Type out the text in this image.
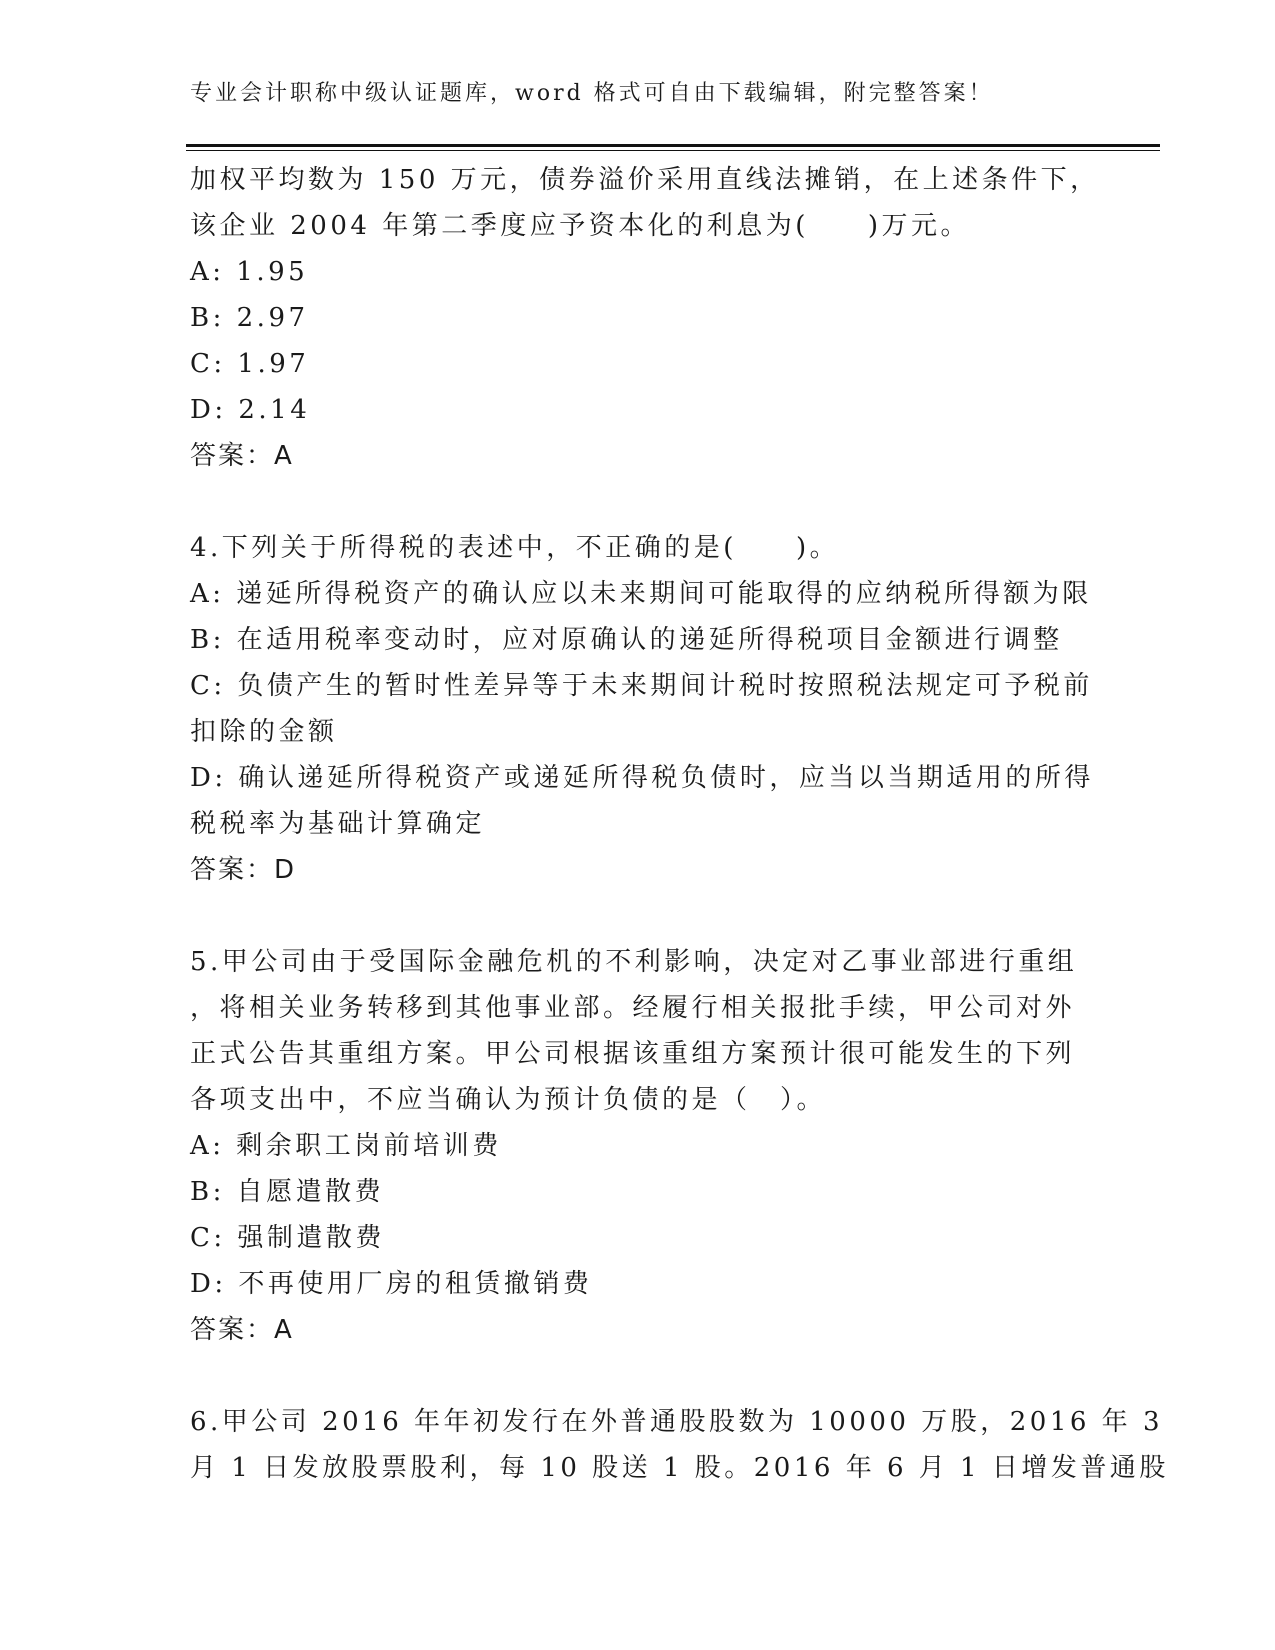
专业会计职称中级认证题库，word 格式可自由下载编辑，附完整答案！
加权平均数为 150 万元，债券溢价采用直线法摊销，在上述条件下，
该企业 2004 年第二季度应予资本化的利息为(　　)万元。
A: 1.95
B: 2.97
C: 1.97
D: 2.14
答案：A
4.下列关于所得税的表述中，不正确的是(　　)。
A: 递延所得税资产的确认应以未来期间可能取得的应纳税所得额为限
B: 在适用税率变动时，应对原确认的递延所得税项目金额进行调整
C: 负债产生的暂时性差异等于未来期间计税时按照税法规定可予税前
扣除的金额
D: 确认递延所得税资产或递延所得税负债时，应当以当期适用的所得
税税率为基础计算确定
答案：D
5.甲公司由于受国际金融危机的不利影响，决定对乙事业部进行重组
，将相关业务转移到其他事业部。经履行相关报批手续，甲公司对外
正式公告其重组方案。甲公司根据该重组方案预计很可能发生的下列
各项支出中，不应当确认为预计负债的是（　）。
A: 剩余职工岗前培训费
B: 自愿遣散费
C: 强制遣散费
D: 不再使用厂房的租赁撤销费
答案：A
6.甲公司 2016 年年初发行在外普通股股数为 10000 万股，2016 年 3
月 1 日发放股票股利，每 10 股送 1 股。2016 年 6 月 1 日增发普通股
